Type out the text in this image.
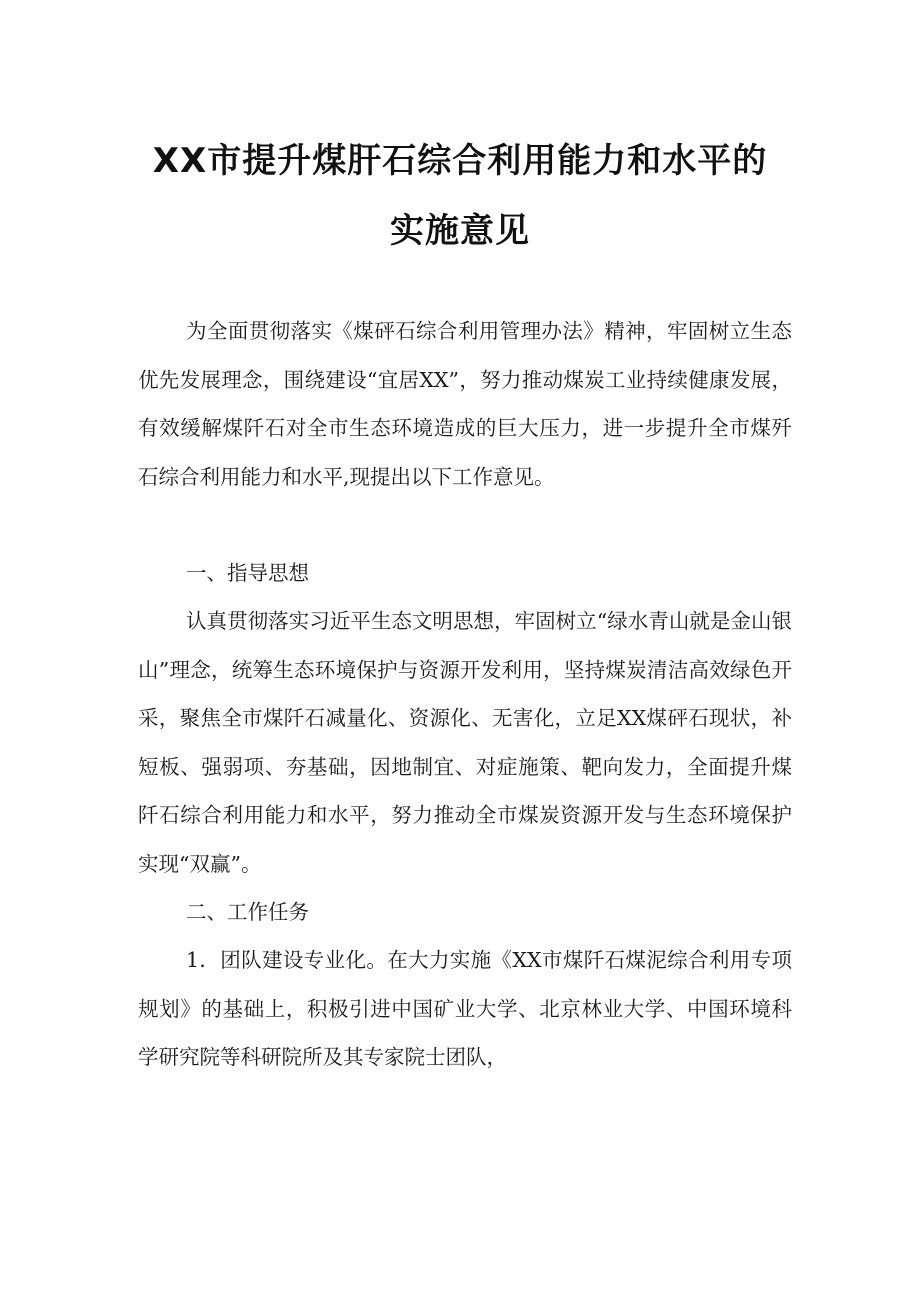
XX市提升煤肝石综合利用能力和水平的
实施意见
为全面贯彻落实《煤砰石综合利用管理办法》精神，牢固树立生态优先发展理念，围绕建设“宜居XX”，努力推动煤炭工业持续健康发展，有效缓解煤阡石对全市生态环境造成的巨大压力，进一步提升全市煤歼石综合利用能力和水平,现提出以下工作意见。
一、指导思想
认真贯彻落实习近平生态文明思想，牢固树立“绿水青山就是金山银山”理念，统筹生态环境保护与资源开发利用，坚持煤炭清洁高效绿色开采，聚焦全市煤阡石减量化、资源化、无害化，立足XX煤砰石现状，补短板、强弱项、夯基础，因地制宜、对症施策、靶向发力，全面提升煤阡石综合利用能力和水平，努力推动全市煤炭资源开发与生态环境保护实现“双赢”。
二、工作任务
1．团队建设专业化。在大力实施《XX市煤阡石煤泥综合利用专项规划》的基础上，积极引进中国矿业大学、北京林业大学、中国环境科学研究院等科研院所及其专家院士团队，
